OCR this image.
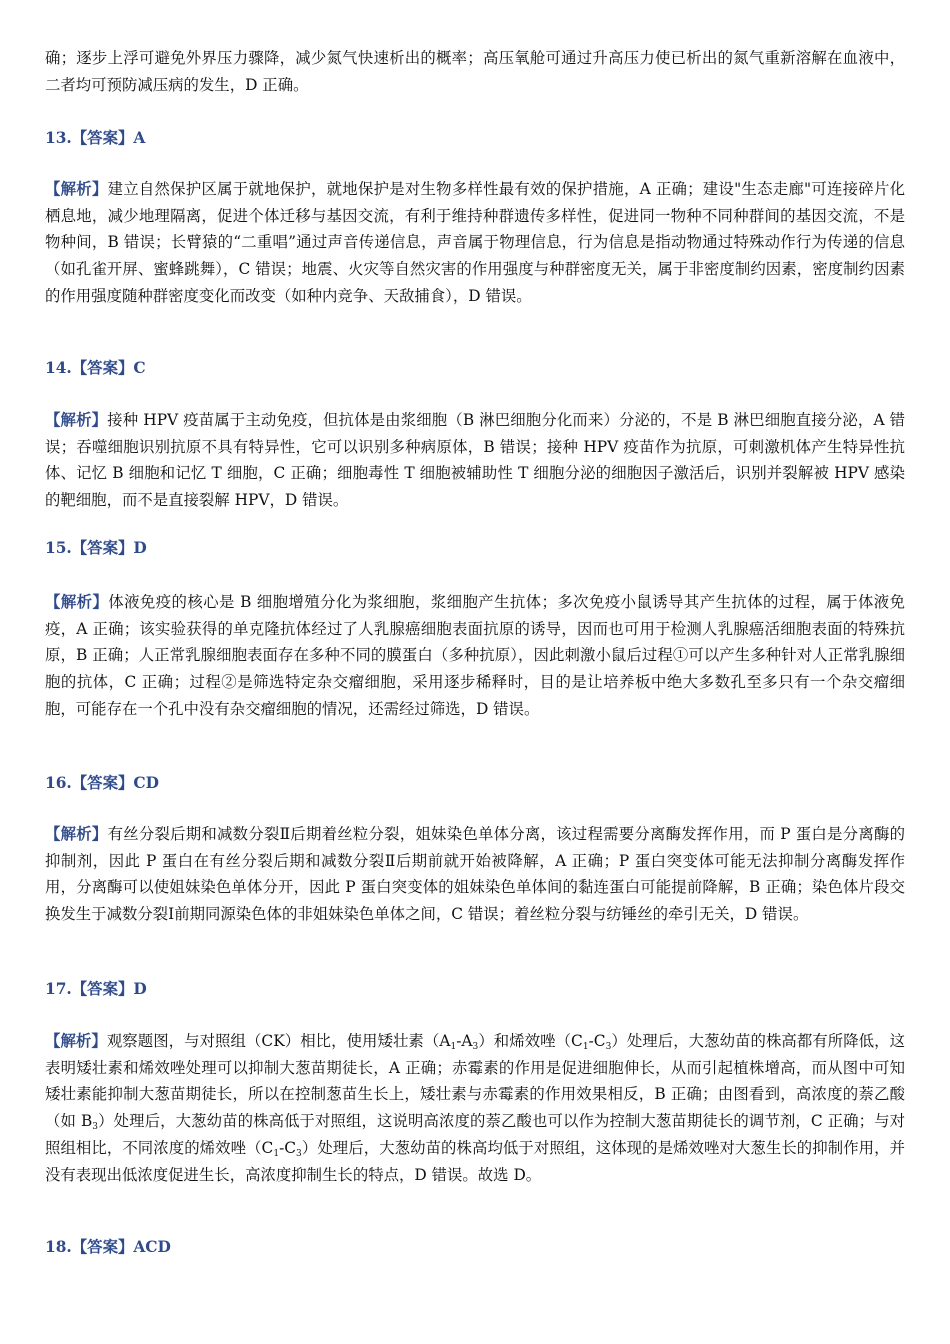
确；逐步上浮可避免外界压力骤降，减少氮气快速析出的概率；高压氧舱可通过升高压力使已析出的氮气重新溶解在血液中，二者均可预防减压病的发生，D 正确。

13.【答案】A

【解析】建立自然保护区属于就地保护，就地保护是对生物多样性最有效的保护措施，A 正确；建设"生态走廊"可连接碎片化栖息地，减少地理隔离，促进个体迁移与基因交流，有利于维持种群遗传多样性，促进同一物种不同种群间的基因交流，不是物种间，B 错误；长臂猿的“二重唱”通过声音传递信息，声音属于物理信息，行为信息是指动物通过特殊动作行为传递的信息（如孔雀开屏、蜜蜂跳舞），C 错误；地震、火灾等自然灾害的作用强度与种群密度无关，属于非密度制约因素，密度制约因素的作用强度随种群密度变化而改变（如种内竞争、天敌捕食），D 错误。

14.【答案】C

【解析】接种 HPV 疫苗属于主动免疫，但抗体是由浆细胞（B 淋巴细胞分化而来）分泌的，不是 B 淋巴细胞直接分泌，A 错误；吞噬细胞识别抗原不具有特异性，它可以识别多种病原体，B 错误；接种 HPV 疫苗作为抗原，可刺激机体产生特异性抗体、记忆 B 细胞和记忆 T 细胞，C 正确；细胞毒性 T 细胞被辅助性 T 细胞分泌的细胞因子激活后，识别并裂解被 HPV 感染的靶细胞，而不是直接裂解 HPV，D 错误。

15.【答案】D

【解析】体液免疫的核心是 B 细胞增殖分化为浆细胞，浆细胞产生抗体；多次免疫小鼠诱导其产生抗体的过程，属于体液免疫，A 正确；该实验获得的单克隆抗体经过了人乳腺癌细胞表面抗原的诱导，因而也可用于检测人乳腺癌活细胞表面的特殊抗原，B 正确；人正常乳腺细胞表面存在多种不同的膜蛋白（多种抗原），因此刺激小鼠后过程①可以产生多种针对人正常乳腺细胞的抗体，C 正确；过程②是筛选特定杂交瘤细胞，采用逐步稀释时，目的是让培养板中绝大多数孔至多只有一个杂交瘤细胞，可能存在一个孔中没有杂交瘤细胞的情况，还需经过筛选，D 错误。

16.【答案】CD

【解析】有丝分裂后期和减数分裂Ⅱ后期着丝粒分裂，姐妹染色单体分离，该过程需要分离酶发挥作用，而 P 蛋白是分离酶的抑制剂，因此 P 蛋白在有丝分裂后期和减数分裂Ⅱ后期前就开始被降解，A 正确；P 蛋白突变体可能无法抑制分离酶发挥作用，分离酶可以使姐妹染色单体分开，因此 P 蛋白突变体的姐妹染色单体间的黏连蛋白可能提前降解，B 正确；染色体片段交换发生于减数分裂Ⅰ前期同源染色体的非姐妹染色单体之间，C 错误；着丝粒分裂与纺锤丝的牵引无关，D 错误。

17.【答案】D

【解析】观察题图，与对照组（CK）相比，使用矮壮素$(A_1-A_3)$和烯效唑$(C_1-C_3)$处理后，大葱幼苗的株高都有所降低，这表明矮壮素和烯效唑处理可以抑制大葱苗期徒长，A 正确；赤霉素的作用是促进细胞伸长，从而引起植株增高，而从图中可知矮壮素能抑制大葱苗期徒长，所以在控制葱苗生长上，矮壮素与赤霉素的作用效果相反，B 正确；由图看到，高浓度的萘乙酸（如 $B_3$）处理后，大葱幼苗的株高低于对照组，这说明高浓度的萘乙酸也可以作为控制大葱苗期徒长的调节剂，C 正确；与对照组相比，不同浓度的烯效唑$(C_1-C_3)$处理后，大葱幼苗的株高均低于对照组，这体现的是烯效唑对大葱生长的抑制作用，并没有表现出低浓度促进生长，高浓度抑制生长的特点，D 错误。故选 D。

18.【答案】ACD
